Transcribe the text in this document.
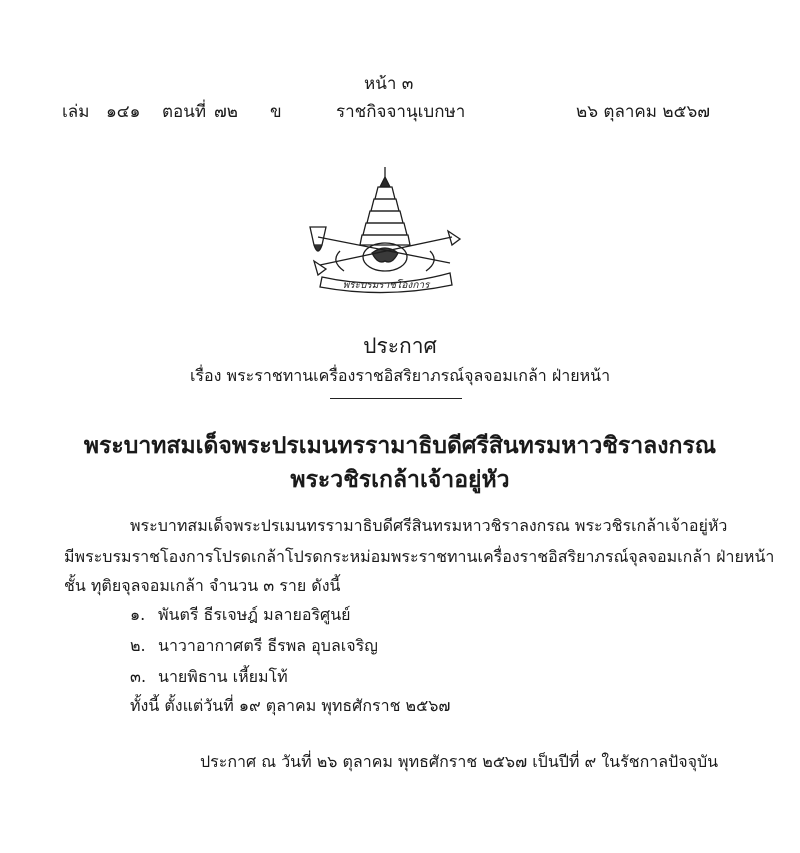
หน้า ๓
เล่ม ๑๔๑ ตอนที่ ๗๒ ข	ราชกิจจานุเบกษา	๒๖ ตุลาคม ๒๕๖๗
พระบรมราชโองการ
ประกาศ
เรื่อง พระราชทานเครื่องราชอิสริยาภรณ์จุลจอมเกล้า ฝ่ายหน้า
พระบาทสมเด็จพระปรเมนทรรามาธิบดีศรีสินทรมหาวชิราลงกรณ
พระวชิรเกล้าเจ้าอยู่หัว
พระบาทสมเด็จพระปรเมนทรรามาธิบดีศรีสินทรมหาวชิราลงกรณ พระวชิรเกล้าเจ้าอยู่หัว
มีพระบรมราชโองการโปรดเกล้าโปรดกระหม่อมพระราชทานเครื่องราชอิสริยาภรณ์จุลจอมเกล้า ฝ่ายหน้า
ชั้น ทุติยจุลจอมเกล้า จำนวน ๓ ราย ดังนี้
๑. พันตรี ธีรเจษฎ์ มลายอริศูนย์
๒. นาวาอากาศตรี ธีรพล อุบลเจริญ
๓. นายพิธาน เหี้ยมโท้
ทั้งนี้ ตั้งแต่วันที่ ๑๙ ตุลาคม พุทธศักราช ๒๕๖๗
ประกาศ ณ วันที่ ๒๖ ตุลาคม พุทธศักราช ๒๕๖๗ เป็นปีที่ ๙ ในรัชกาลปัจจุบัน
